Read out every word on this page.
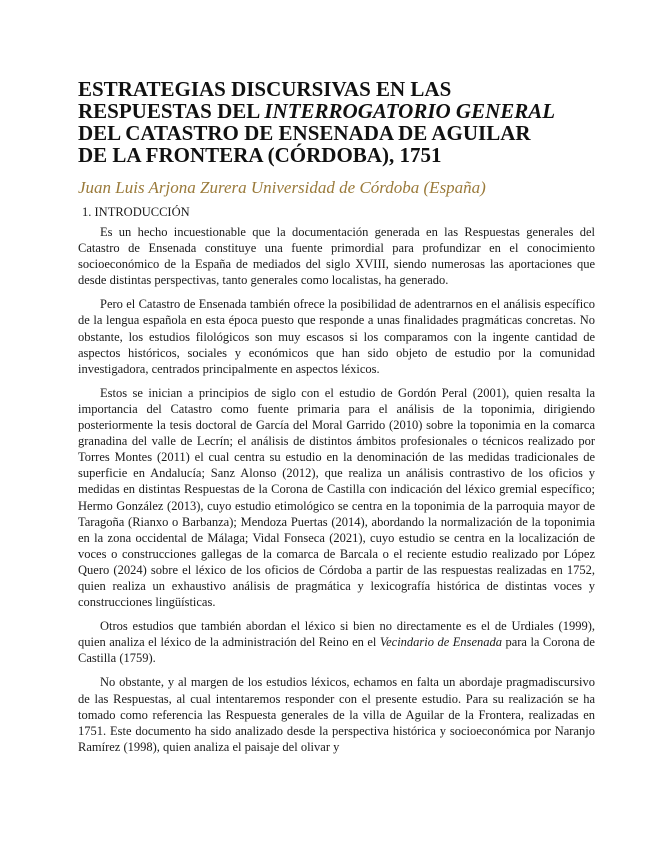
ESTRATEGIAS DISCURSIVAS EN LAS
RESPUESTAS DEL INTERROGATORIO GENERAL
DEL CATASTRO DE ENSENADA DE AGUILAR
DE LA FRONTERA (CÓRDOBA), 1751

Juan Luis Arjona Zurera Universidad de Córdoba (España)

1. INTRODUCCIÓN

Es un hecho incuestionable que la documentación generada en las Respuestas generales del Catastro de Ensenada constituye una fuente primordial para profundizar en el conocimiento socioeconómico de la España de mediados del siglo XVIII, siendo numerosas las aportaciones que desde distintas perspectivas, tanto generales como localistas, ha generado.

Pero el Catastro de Ensenada también ofrece la posibilidad de adentrarnos en el análisis específico de la lengua española en esta época puesto que responde a unas finalidades pragmáticas concretas. No obstante, los estudios filológicos son muy escasos si los comparamos con la ingente cantidad de aspectos históricos, sociales y económicos que han sido objeto de estudio por la comunidad investigadora, centrados principalmente en aspectos léxicos.

Estos se inician a principios de siglo con el estudio de Gordón Peral (2001), quien resalta la importancia del Catastro como fuente primaria para el análisis de la toponimia, dirigiendo posteriormente la tesis doctoral de García del Moral Garrido (2010) sobre la toponimia en la comarca granadina del valle de Lecrín; el análisis de distintos ámbitos profesionales o técnicos realizado por Torres Montes (2011) el cual centra su estudio en la denominación de las medidas tradicionales de superficie en Andalucía; Sanz Alonso (2012), que realiza un análisis contrastivo de los oficios y medidas en distintas Respuestas de la Corona de Castilla con indicación del léxico gremial específico; Hermo González (2013), cuyo estudio etimológico se centra en la toponimia de la parroquia mayor de Taragoña (Rianxo o Barbanza); Mendoza Puertas (2014), abordando la normalización de la toponimia en la zona occidental de Málaga; Vidal Fonseca (2021), cuyo estudio se centra en la localización de voces o construcciones gallegas de la comarca de Barcala o el reciente estudio realizado por López Quero (2024) sobre el léxico de los oficios de Córdoba a partir de las respuestas realizadas en 1752, quien realiza un exhaustivo análisis de pragmática y lexicografía histórica de distintas voces y construcciones lingüísticas.

Otros estudios que también abordan el léxico si bien no directamente es el de Urdiales (1999), quien analiza el léxico de la administración del Reino en el Vecindario de Ensenada para la Corona de Castilla (1759).

No obstante, y al margen de los estudios léxicos, echamos en falta un abordaje pragmadiscursivo de las Respuestas, al cual intentaremos responder con el presente estudio. Para su realización se ha tomado como referencia las Respuesta generales de la villa de Aguilar de la Frontera, realizadas en 1751. Este documento ha sido analizado desde la perspectiva histórica y socioeconómica por Naranjo Ramírez (1998), quien analiza el paisaje del olivar y
